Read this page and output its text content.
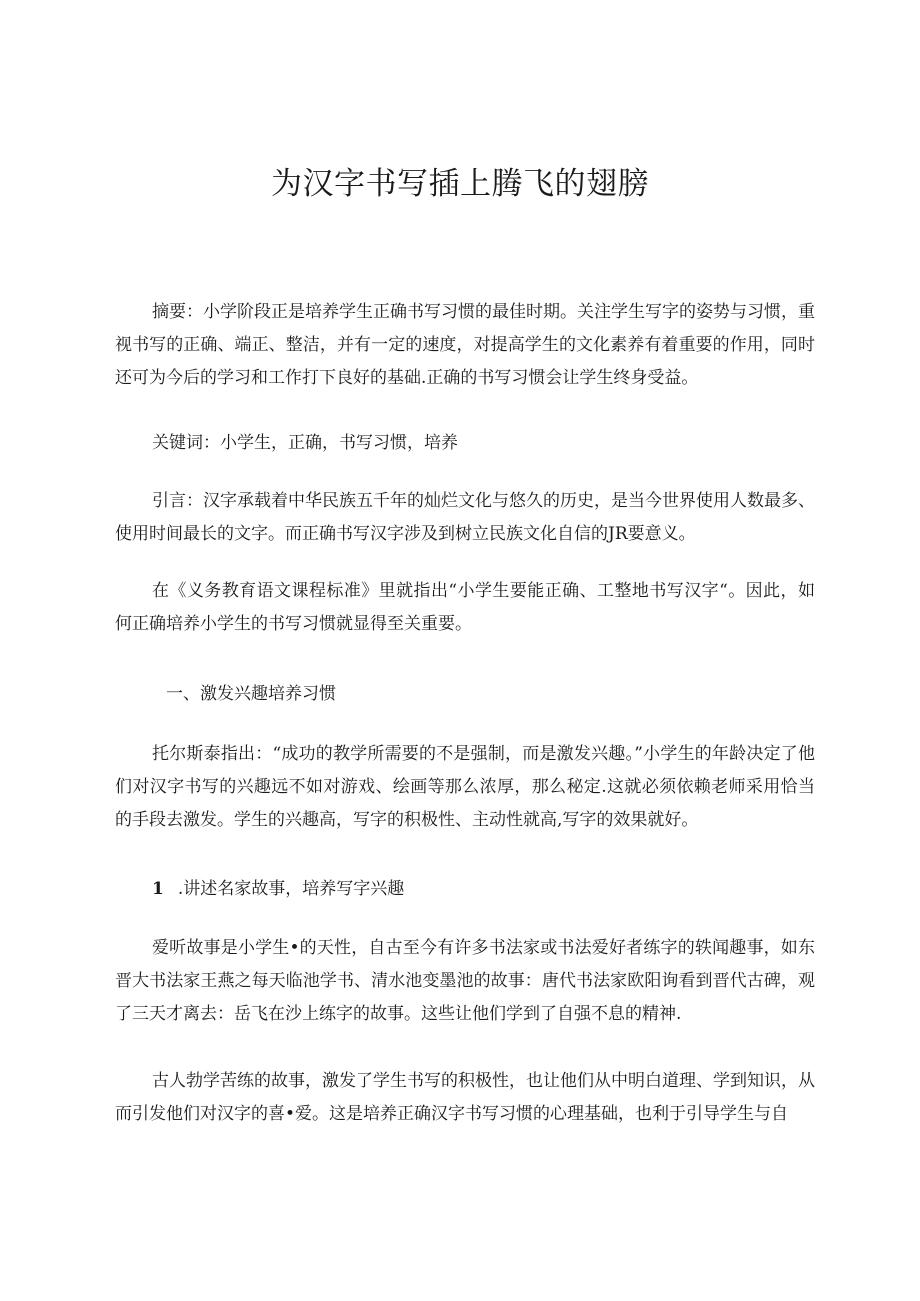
为汉字书写插上腾飞的翅膀

摘要：小学阶段正是培养学生正确书写习惯的最佳时期。关注学生写字的姿势与习惯，重视书写的正确、端正、整洁，并有一定的速度，对提高学生的文化素养有着重要的作用，同时还可为今后的学习和工作打下良好的基础.正确的书写习惯会让学生终身受益。

关键词：小学生，正确，书写习惯，培养

引言：汉字承载着中华民族五千年的灿烂文化与悠久的历史，是当今世界使用人数最多、使用时间最长的文字。而正确书写汉字涉及到树立民族文化自信的JR要意义。

在《义务教育语文课程标准》里就指出“小学生要能正确、工整地书写汉字“。因此，如何正确培养小学生的书写习惯就显得至关重要。

一、激发兴趣培养习惯

托尔斯泰指出：“成功的教学所需要的不是强制，而是激发兴趣。”小学生的年龄决定了他们对汉字书写的兴趣远不如对游戏、绘画等那么浓厚，那么秘定.这就必须依赖老师采用恰当的手段去激发。学生的兴趣高，写字的积极性、主动性就高,写字的效果就好。

1 .讲述名家故事，培养写字兴趣

爱听故事是小学生•的天性，自古至今有许多书法家或书法爱好者练字的轶闻趣事，如东晋大书法家王燕之每天临池学书、清水池变墨池的故事：唐代书法家欧阳询看到晋代古碑，观了三天才离去：岳飞在沙上练字的故事。这些让他们学到了自强不息的精神.

古人勃学苦练的故事，激发了学生书写的积极性，也让他们从中明白道理、学到知识，从而引发他们对汉字的喜•爱。这是培养正确汉字书写习惯的心理基础，也利于引导学生与自
